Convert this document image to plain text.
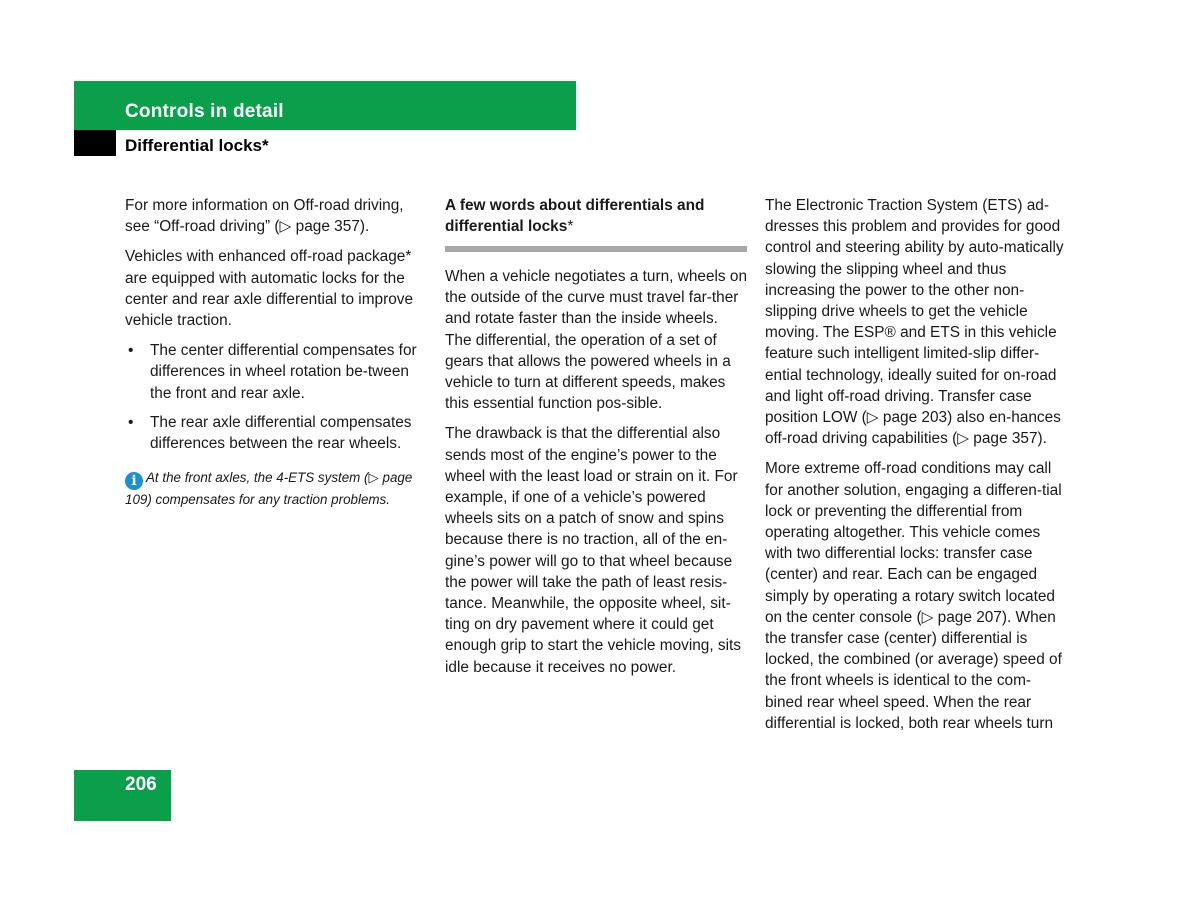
Controls in detail
Differential locks*

For more information on Off-road driving, see “Off-road driving” (▷ page 357).

Vehicles with enhanced off-road package* are equipped with automatic locks for the center and rear axle differential to improve vehicle traction.

• The center differential compensates for differences in wheel rotation be-tween the front and rear axle.
• The rear axle differential compensates differences between the rear wheels.
i At the front axles, the 4-ETS system (▷ page 109) compensates for any traction problems.

A few words about differentials and differential locks*

When a vehicle negotiates a turn, wheels on the outside of the curve must travel far-ther and rotate faster than the inside wheels. The differential, the operation of a set of gears that allows the powered wheels in a vehicle to turn at different speeds, makes this essential function pos-sible.

The drawback is that the differential also sends most of the engine’s power to the wheel with the least load or strain on it. For example, if one of a vehicle’s powered wheels sits on a patch of snow and spins because there is no traction, all of the en-gine’s power will go to that wheel because the power will take the path of least resis-tance. Meanwhile, the opposite wheel, sit-ting on dry pavement where it could get enough grip to start the vehicle moving, sits idle because it receives no power.

The Electronic Traction System (ETS) ad-dresses this problem and provides for good control and steering ability by auto-matically slowing the slipping wheel and thus increasing the power to the other non-slipping drive wheels to get the vehicle moving. The ESP® and ETS in this vehicle feature such intelligent limited-slip differ-ential technology, ideally suited for on-road and light off-road driving. Transfer case position LOW (▷ page 203) also en-hances off-road driving capabilities (▷ page 357).

More extreme off-road conditions may call for another solution, engaging a differen-tial lock or preventing the differential from operating altogether. This vehicle comes with two differential locks: transfer case (center) and rear. Each can be engaged simply by operating a rotary switch located on the center console (▷ page 207). When the transfer case (center) differential is locked, the combined (or average) speed of the front wheels is identical to the com-bined rear wheel speed. When the rear differential is locked, both rear wheels turn

206
